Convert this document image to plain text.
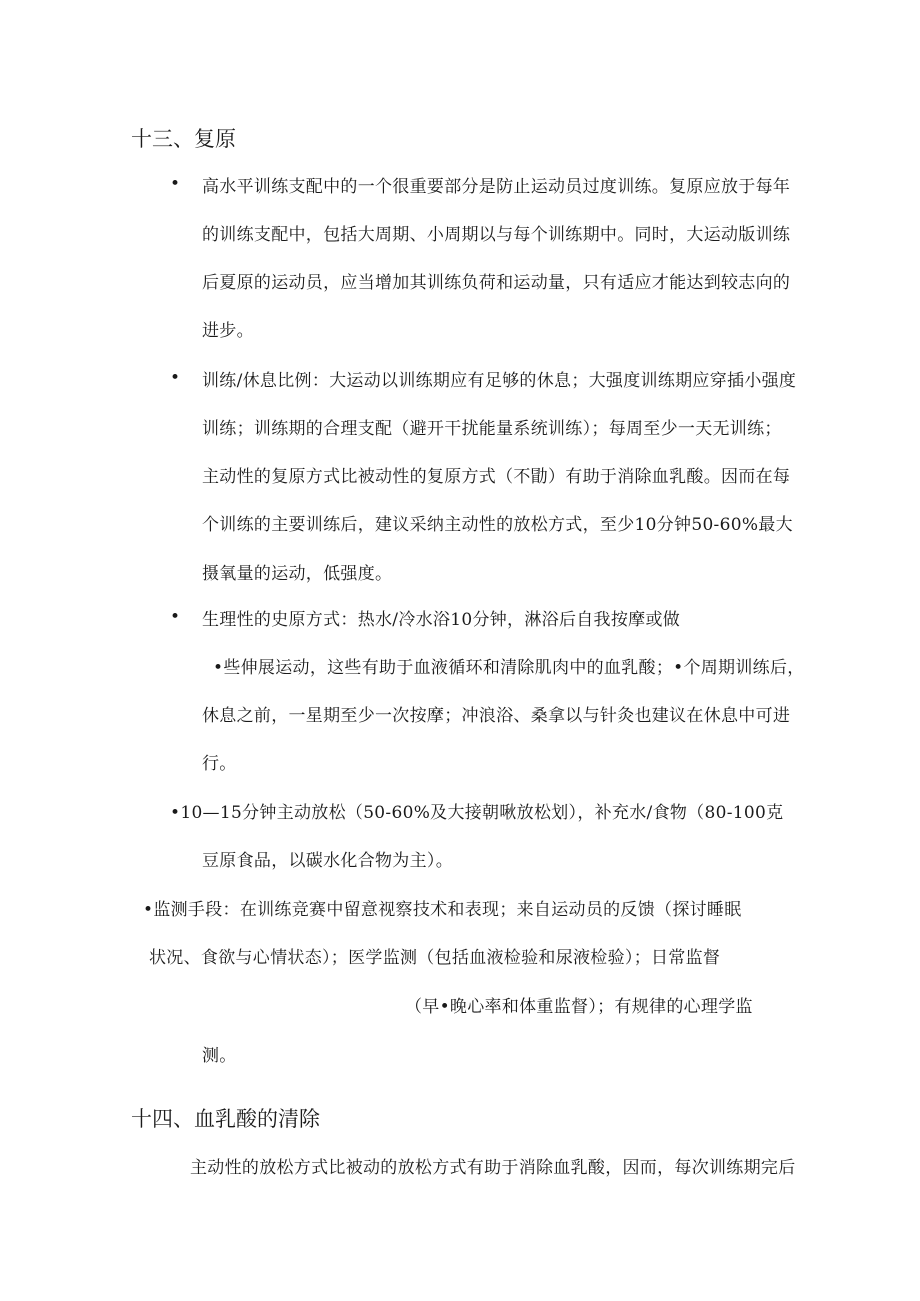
十三、复原
• 高水平训练支配中的一个很重要部分是防止运动员过度训练。复原应放于每年
的训练支配中，包括大周期、小周期以与每个训练期中。同时，大运动版训练
后夏原的运动员，应当增加其训练负荷和运动量，只有适应才能达到较志向的
进步。
• 训练/休息比例：大运动以训练期应有足够的休息；大强度训练期应穿插小强度
训练；训练期的合理支配（避开干扰能量系统训练）；每周至少一天无训练；
主动性的复原方式比被动性的复原方式（不勖）有助于消除血乳酸。因而在每
个训练的主要训练后，建议采纳主动性的放松方式，至少10分钟50-60%最大
摄氧量的运动，低强度。
• 生理性的史原方式：热水/冷水浴10分钟，淋浴后自我按摩或做
•些伸展运动，这些有助于血液循环和清除肌肉中的血乳酸；•个周期训练后，
休息之前，一星期至少一次按摩；冲浪浴、桑拿以与针灸也建议在休息中可进
行。
•10—15分钟主动放松（50-60%及大接朝啾放松划），补充水/食物（80-100克
豆原食品，以碳水化合物为主）。
•监测手段：在训练竞赛中留意视察技术和表现；来自运动员的反馈（探讨睡眠
状况、食欲与心情状态）；医学监测（包括血液检验和尿液检验）；日常监督
（早•晚心率和体重监督）；有规律的心理学监
测。
十四、血乳酸的清除
主动性的放松方式比被动的放松方式有助于消除血乳酸，因而，每次训练期完后
